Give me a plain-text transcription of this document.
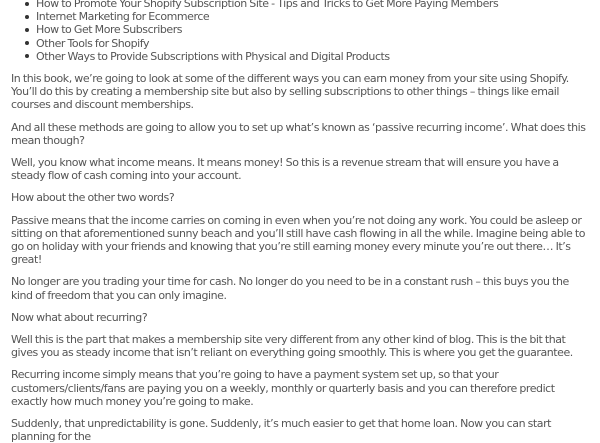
How to Promote Your Shopify Subscription Site - Tips and Tricks to Get More Paying Members
Internet Marketing for Ecommerce
How to Get More Subscribers
Other Tools for Shopify
Other Ways to Provide Subscriptions with Physical and Digital Products

In this book, we’re going to look at some of the different ways you can earn money from your site using Shopify. You’ll do this by creating a membership site but also by selling subscriptions to other things – things like email courses and discount memberships.

And all these methods are going to allow you to set up what’s known as ‘passive recurring income’. What does this mean though?

Well, you know what income means. It means money! So this is a revenue stream that will ensure you have a steady flow of cash coming into your account.

How about the other two words?

Passive means that the income carries on coming in even when you’re not doing any work. You could be asleep or sitting on that aforementioned sunny beach and you’ll still have cash flowing in all the while. Imagine being able to go on holiday with your friends and knowing that you’re still earning money every minute you’re out there… It’s great!

No longer are you trading your time for cash. No longer do you need to be in a constant rush – this buys you the kind of freedom that you can only imagine.

Now what about recurring?

Well this is the part that makes a membership site very different from any other kind of blog. This is the bit that gives you as steady income that isn’t reliant on everything going smoothly. This is where you get the guarantee.

Recurring income simply means that you’re going to have a payment system set up, so that your customers/clients/fans are paying you on a weekly, monthly or quarterly basis and you can therefore predict exactly how much money you’re going to make.

Suddenly, that unpredictability is gone. Suddenly, it’s much easier to get that home loan. Now you can start planning for the
